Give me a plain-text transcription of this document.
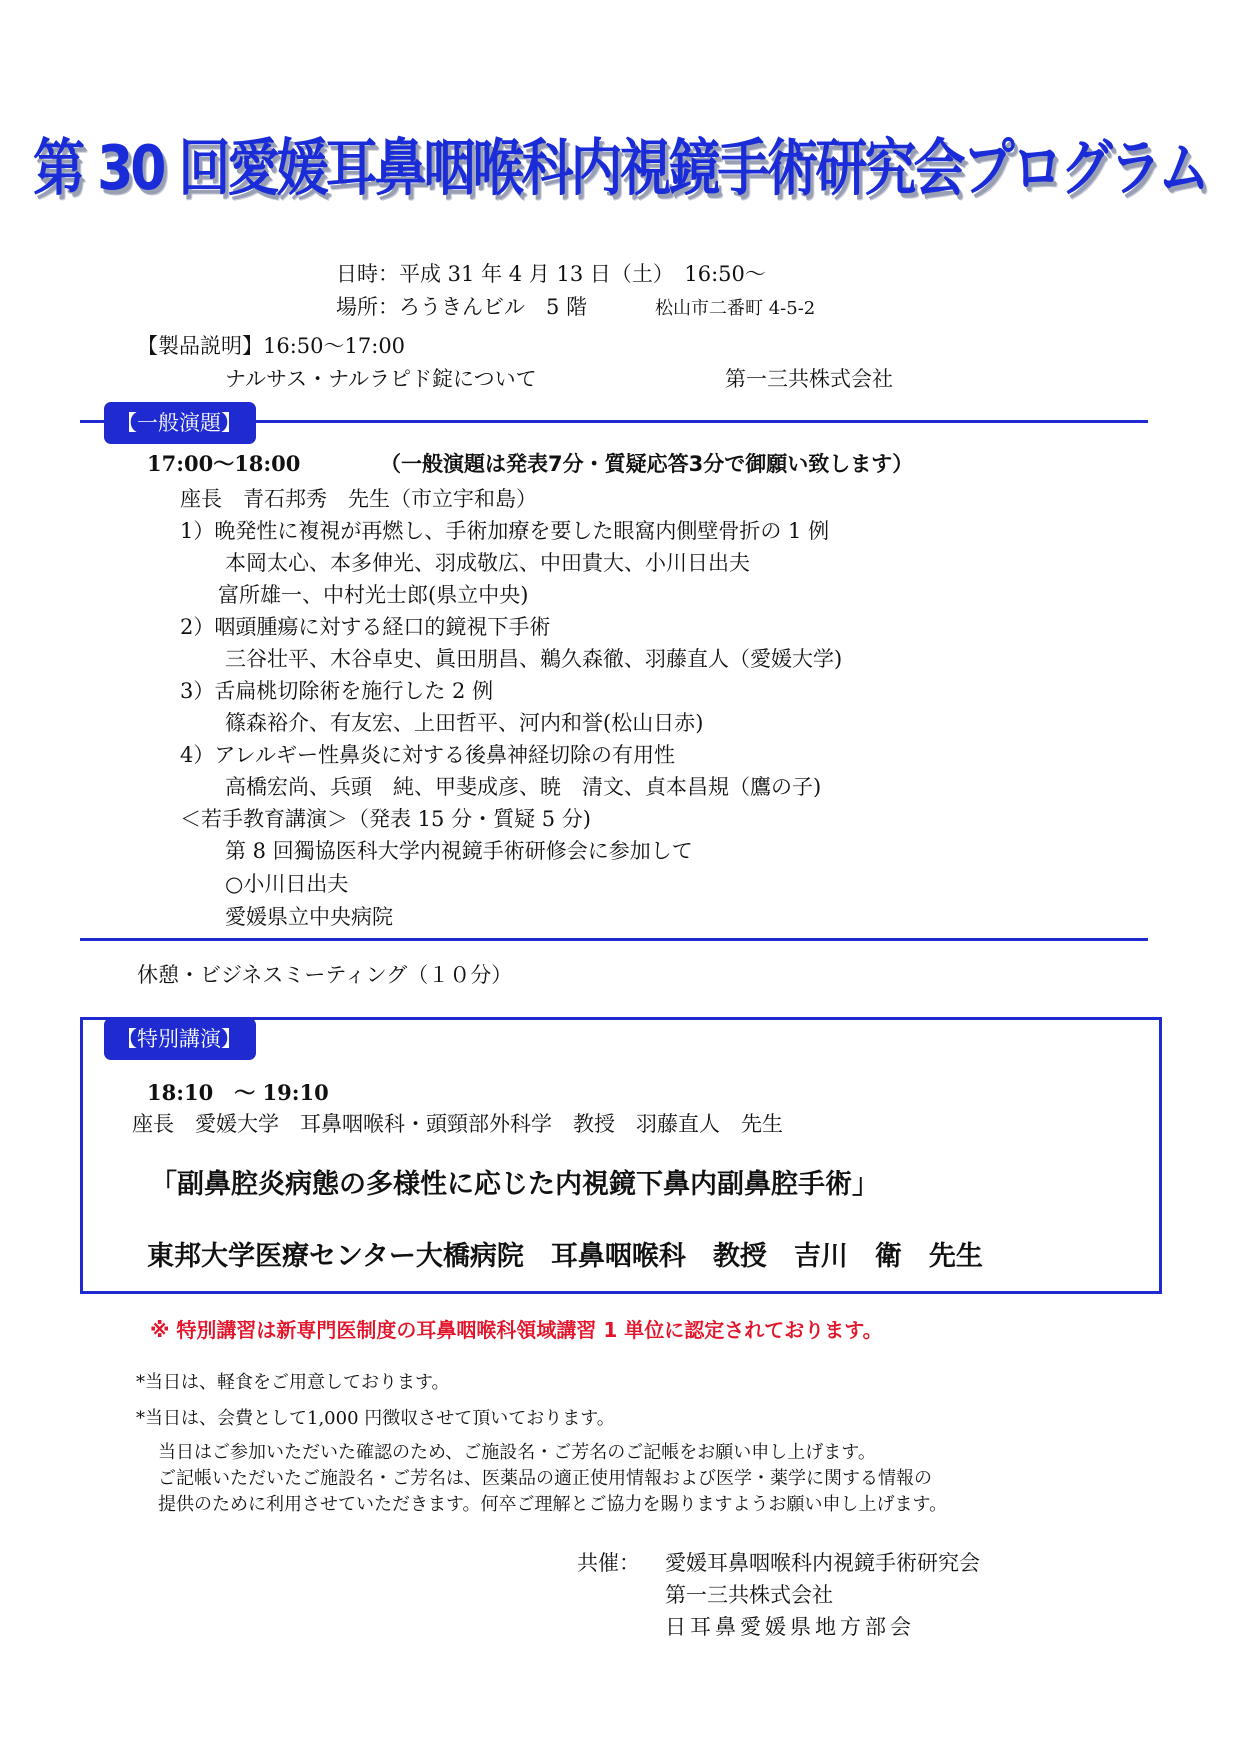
第 30 回愛媛耳鼻咽喉科内視鏡手術研究会プログラム
日時：平成 31 年 4 月 13 日（土）　16:50〜
場所：ろうきんビル　5 階	松山市二番町 4-5-2
【製品説明】16:50〜17:00
ナルサス・ナルラピド錠について	第一三共株式会社
【一般演題】
17:00〜18:00	（一般演題は発表7分・質疑応答3分で御願い致します）
座長　青石邦秀　先生（市立宇和島）
1）晩発性に複視が再燃し、手術加療を要した眼窩内側壁骨折の 1 例
本岡太心、本多伸光、羽成敬広、中田貴大、小川日出夫
富所雄一、中村光士郎(県立中央)
2）咽頭腫瘍に対する経口的鏡視下手術
三谷壮平、木谷卓史、眞田朋昌、鵜久森徹、羽藤直人（愛媛大学)
3）舌扁桃切除術を施行した 2 例
篠森裕介、有友宏、上田哲平、河内和誉(松山日赤)
4）アレルギー性鼻炎に対する後鼻神経切除の有用性
高橋宏尚、兵頭　純、甲斐成彦、暁　清文、貞本昌規（鷹の子)
＜若手教育講演＞（発表 15 分・質疑 5 分)
第 8 回獨協医科大学内視鏡手術研修会に参加して
○小川日出夫
愛媛県立中央病院
休憩・ビジネスミーティング（１０分）
【特別講演】
18:10　〜 19:10
座長　愛媛大学　耳鼻咽喉科・頭頸部外科学　教授　羽藤直人　先生
「副鼻腔炎病態の多様性に応じた内視鏡下鼻内副鼻腔手術」
東邦大学医療センター大橋病院　耳鼻咽喉科　教授　吉川　衛　先生
※ 特別講習は新専門医制度の耳鼻咽喉科領域講習 1 単位に認定されております。
*当日は、軽食をご用意しております。
*当日は、会費として1,000 円徴収させて頂いております。
当日はご参加いただいた確認のため、ご施設名・ご芳名のご記帳をお願い申し上げます。
ご記帳いただいたご施設名・ご芳名は、医薬品の適正使用情報および医学・薬学に関する情報の
提供のために利用させていただきます。何卒ご理解とご協力を賜りますようお願い申し上げます。
共催： 愛媛耳鼻咽喉科内視鏡手術研究会
第一三共株式会社
日耳鼻愛媛県地方部会
